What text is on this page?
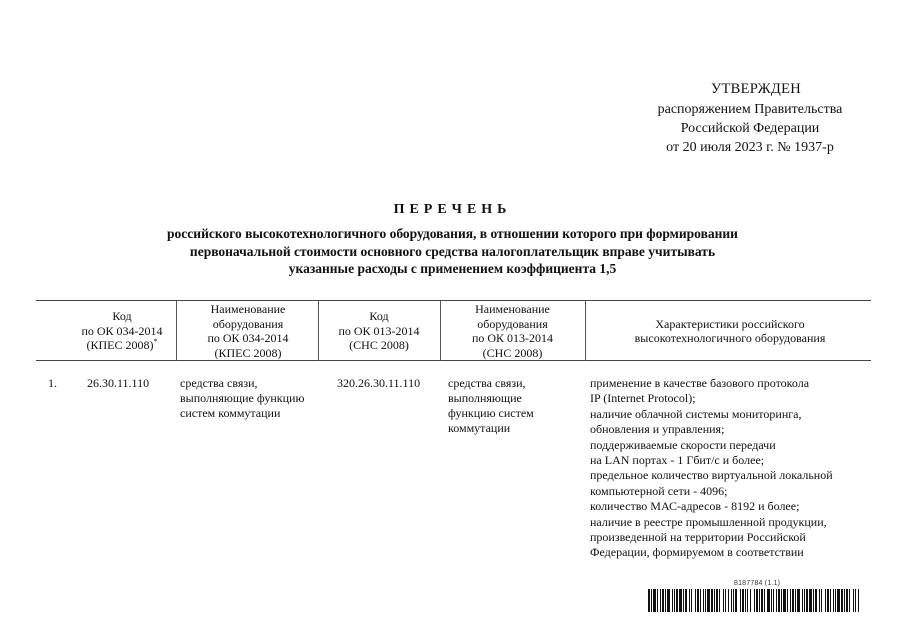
УТВЕРЖДЕН
распоряжением Правительства
Российской Федерации
от 20 июля 2023 г. № 1937-р
ПЕРЕЧЕНЬ
российского высокотехнологичного оборудования, в отношении которого при формировании
первоначальной стоимости основного средства налогоплательщик вправе учитывать
указанные расходы с применением коэффициента 1,5
Код
по ОК 034-2014
(КПЕС 2008)*
Наименование
оборудования
по ОК 034-2014
(КПЕС 2008)
Код
по ОК 013-2014
(СНС 2008)
Наименование
оборудования
по ОК 013-2014
(СНС 2008)
Характеристики российского
высокотехнологичного оборудования
1.	26.30.11.110	средства связи,
выполняющие функцию
систем коммутации
320.26.30.11.110 средства связи,
выполняющие
функцию систем
коммутации
применение в качестве базового протокола
IP (Internet Protocol);
наличие облачной системы мониторинга,
обновления и управления;
поддерживаемые скорости передачи
на LAN портах - 1 Гбит/с и более;
предельное количество виртуальной локальной
компьютерной сети - 4096;
количество МАС-адресов - 8192 и более;
наличие в реестре промышленной продукции,
произведенной на территории Российской
Федерации, формируемом в соответствии
8187784 (1.1)
